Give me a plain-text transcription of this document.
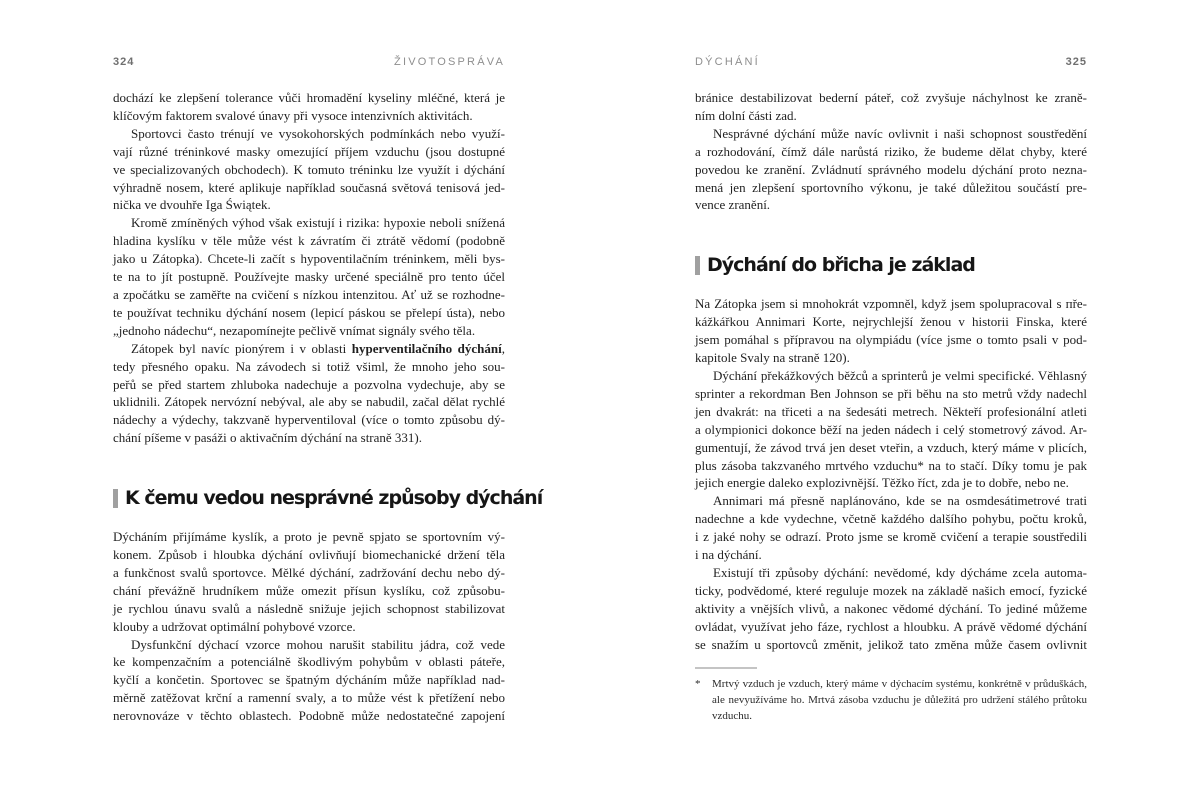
324	ŽIVOTOSPRÁVA	DÝCHÁNÍ	325
dochází ke zlepšení tolerance vůči hromadění kyseliny mléčné, která je
klíčovým faktorem svalové únavy při vysoce intenzivních aktivitách.
Sportovci často trénují ve vysokohorských podmínkách nebo využí-
vají různé tréninkové masky omezující příjem vzduchu (jsou dostupné
ve specializovaných obchodech). K tomuto tréninku lze využít i dýchání
výhradně nosem, které aplikuje například současná světová tenisová jed-
nička ve dvouhře Iga Świątek.
Kromě zmíněných výhod však existují i rizika: hypoxie neboli snížená
hladina kyslíku v těle může vést k závratím či ztrátě vědomí (podobně
jako u Zátopka). Chcete-li začít s hypoventilačním tréninkem, měli bys-
te na to jít postupně. Používejte masky určené speciálně pro tento účel
a zpočátku se zaměřte na cvičení s nízkou intenzitou. Ať už se rozhodne-
te používat techniku dýchání nosem (lepicí páskou se přelepí ústa), nebo
„jednoho nádechu“, nezapomínejte pečlivě vnímat signály svého těla.
Zátopek byl navíc pionýrem i v oblasti hyperventilačního dýchání,
tedy přesného opaku. Na závodech si totiž všiml, že mnoho jeho sou-
peřů se před startem zhluboka nadechuje a pozvolna vydechuje, aby se
uklidnili. Zátopek nervózní nebýval, ale aby se nabudil, začal dělat rychlé
nádechy a výdechy, takzvaně hyperventiloval (více o tomto způsobu dý-
chání píšeme v pasáži o aktivačním dýchání na straně 331).
K čemu vedou nesprávné způsoby dýchání
Dýcháním přijímáme kyslík, a proto je pevně spjato se sportovním vý-
konem. Způsob i hloubka dýchání ovlivňují biomechanické držení těla
a funkčnost svalů sportovce. Mělké dýchání, zadržování dechu nebo dý-
chání převážně hrudníkem může omezit přísun kyslíku, což způsobu-
je rychlou únavu svalů a následně snižuje jejich schopnost stabilizovat
klouby a udržovat optimální pohybové vzorce.
Dysfunkční dýchací vzorce mohou narušit stabilitu jádra, což vede
ke kompenzačním a potenciálně škodlivým pohybům v oblasti páteře,
kyčlí a končetin. Sportovec se špatným dýcháním může například nad-
měrně zatěžovat krční a ramenní svaly, a to může vést k přetížení nebo
nerovnováze v těchto oblastech. Podobně může nedostatečné zapojení
bránice destabilizovat bederní páteř, což zvyšuje náchylnost ke zraně-
ním dolní části zad.
Nesprávné dýchání může navíc ovlivnit i naši schopnost soustředění
a rozhodování, čímž dále narůstá riziko, že budeme dělat chyby, které
povedou ke zranění. Zvládnutí správného modelu dýchání proto nezna-
mená jen zlepšení sportovního výkonu, je také důležitou součástí pre-
vence zranění.
Dýchání do břicha je základ
Na Zátopka jsem si mnohokrát vzpomněl, když jsem spolupracoval s пře-
kážkářkou Annimari Korte, nejrychlejší ženou v historii Finska, které
jsem pomáhal s přípravou na olympiádu (více jsme o tomto psali v pod-
kapitole Svaly na straně 120).
Dýchání překážkových běžců a sprinterů je velmi specifické. Věhlasný
sprinter a rekordman Ben Johnson se při běhu na sto metrů vždy nadechl
jen dvakrát: na třiceti a na šedesáti metrech. Někteří profesionální atleti
a olympionici dokonce běží na jeden nádech i celý stometrový závod. Ar-
gumentují, že závod trvá jen deset vteřin, a vzduch, který máme v plicích,
plus zásoba takzvaného mrtvého vzduchu* na to stačí. Díky tomu je pak
jejich energie daleko explozivnější. Těžko říct, zda je to dobře, nebo ne.
Annimari má přesně naplánováno, kde se na osmdesátimetrové trati
nadechne a kde vydechne, včetně každého dalšího pohybu, počtu kroků,
i z jaké nohy se odrazí. Proto jsme se kromě cvičení a terapie soustředili
i na dýchání.
Existují tři způsoby dýchání: nevědomé, kdy dýcháme zcela automa-
ticky, podvědomé, které reguluje mozek na základě našich emocí, fyzické
aktivity a vnějších vlivů, a nakonec vědomé dýchání. To jediné můžeme
ovládat, využívat jeho fáze, rychlost a hloubku. A právě vědomé dýchání
se snažím u sportovců změnit, jelikož tato změna může časem ovlivnit
* Mrtvý vzduch je vzduch, který máme v dýchacím systému, konkrétně v průduškách,
ale nevyužíváme ho. Mrtvá zásoba vzduchu je důležitá pro udržení stálého průtoku
vzduchu.
